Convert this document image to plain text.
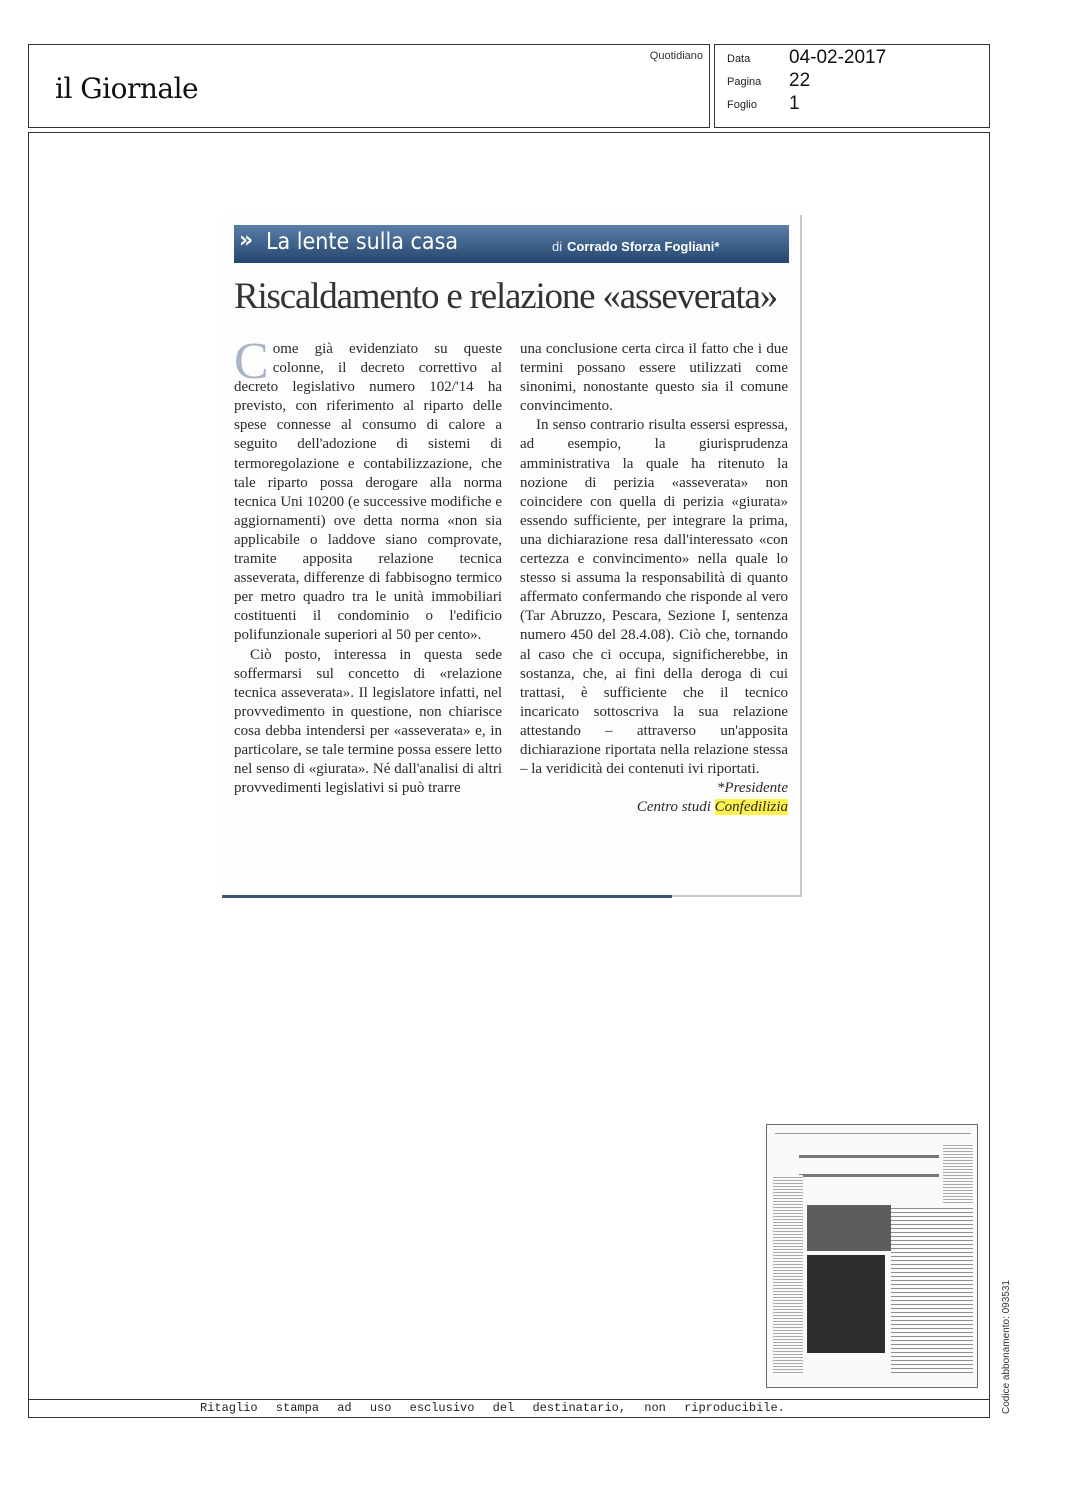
il Giornale
Quotidiano Data 04-02-2017
Pagina 22
Foglio 1
» La lente sulla casa	di Corrado Sforza Fogliani*
Riscaldamento e relazione «asseverata»

Come già evidenziato su queste colonne, il decreto correttivo al decreto legislativo numero 102/'14 ha previsto, con riferimento al riparto delle spese connesse al consumo di calore a seguito dell'adozione di sistemi di termoregolazione e contabilizzazione, che tale riparto possa derogare alla norma tecnica Uni 10200 (e successive modifiche e aggiornamenti) ove detta norma «non sia applicabile o laddove siano comprovate, tramite apposita relazione tecnica asseverata, differenze di fabbisogno termico per metro quadro tra le unità immobiliari costituenti il condominio o l'edificio polifunzionale superiori al 50 per cento».

Ciò posto, interessa in questa sede soffermarsi sul concetto di «relazione tecnica asseverata». Il legislatore infatti, nel provvedimento in questione, non chiarisce cosa debba intendersi per «asseverata» e, in particolare, se tale termine possa essere letto nel senso di «giurata». Né dall'analisi di altri provvedimenti legislativi si può trarre

una conclusione certa circa il fatto che i due termini possano essere utilizzati come sinonimi, nonostante questo sia il comune convincimento.

In senso contrario risulta essersi espressa, ad esempio, la giurisprudenza amministrativa la quale ha ritenuto la nozione di perizia «asseverata» non coincidere con quella di perizia «giurata» essendo sufficiente, per integrare la prima, una dichiarazione resa dall'interessato «con certezza e convincimento» nella quale lo stesso si assuma la responsabilità di quanto affermato confermando che risponde al vero (Tar Abruzzo, Pescara, Sezione I, sentenza numero 450 del 28.4.08). Ciò che, tornando al caso che ci occupa, significherebbe, in sostanza, che, ai fini della deroga di cui trattasi, è sufficiente che il tecnico incaricato sottoscriva la sua relazione attestando – attraverso un'apposita dichiarazione riportata nella relazione stessa – la veridicità dei contenuti ivi riportati.

*Presidente

Centro studi Confedilizia

Codice abbonamento: 093531
Ritaglio stampa ad uso esclusivo del destinatario, non riproducibile.
